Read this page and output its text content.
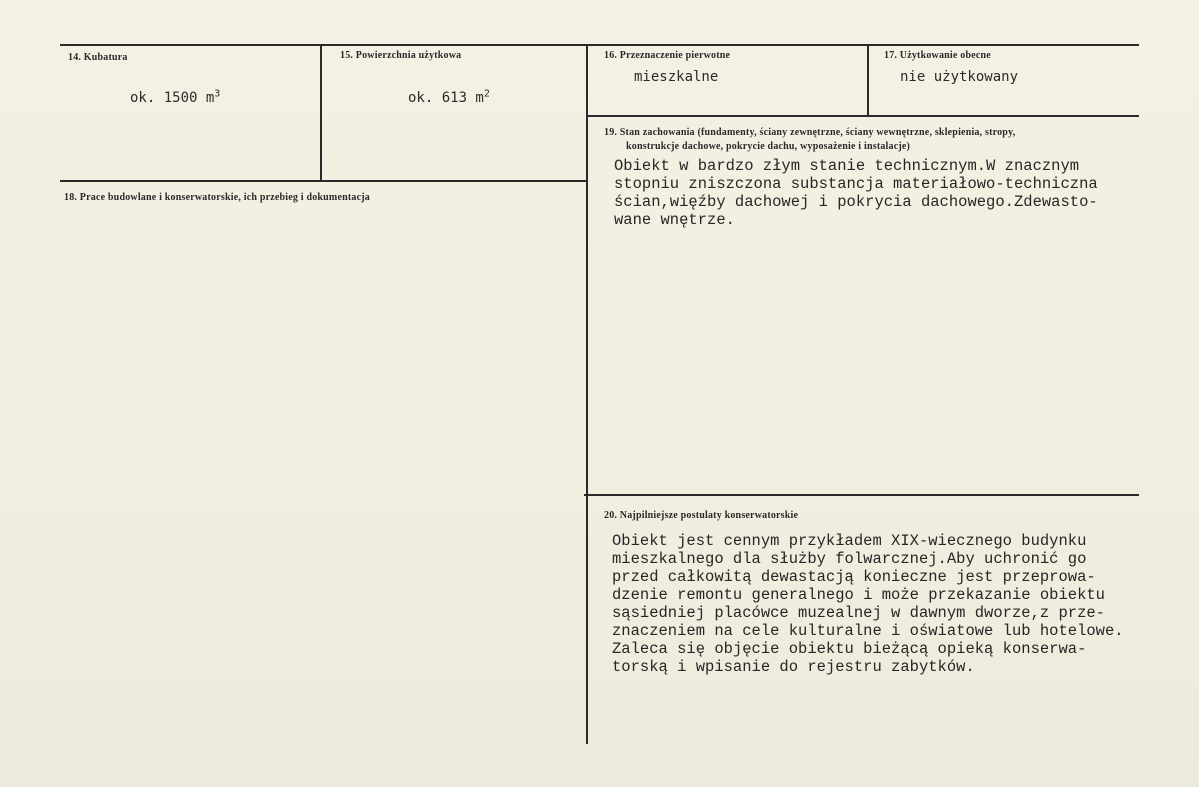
14. Kubatura
ok. 1500 $m^3$
15. Powierzchnia użytkowa
ok. 613 $m^2$
16. Przeznaczenie pierwotne
mieszkalne
17. Użytkowanie obecne
nie użytkowany
18. Prace budowlane i konserwatorskie, ich przebieg i dokumentacja
19. Stan zachowania (fundamenty, ściany zewnętrzne, ściany wewnętrzne, sklepienia, stropy,
konstrukcje dachowe, pokrycie dachu, wyposażenie i instalacje)
Obiekt w bardzo złym stanie technicznym.W znacznym
stopniu zniszczona substancja materiałowo-techniczna
ścian,więźby dachowej i pokrycia dachowego.Zdewasto-
wane wnętrze.
20. Najpilniejsze postulaty konserwatorskie
Obiekt jest cennym przykładem XIX-wiecznego budynku
mieszkalnego dla służby folwarcznej.Aby uchronić go
przed całkowitą dewastacją konieczne jest przeprowa-
dzenie remontu generalnego i może przekazanie obiektu
sąsiedniej placówce muzealnej w dawnym dworze,z prze-
znaczeniem na cele kulturalne i oświatowe lub hotelowe.
Zaleca się objęcie obiektu bieżącą opieką konserwa-
torską i wpisanie do rejestru zabytków.
